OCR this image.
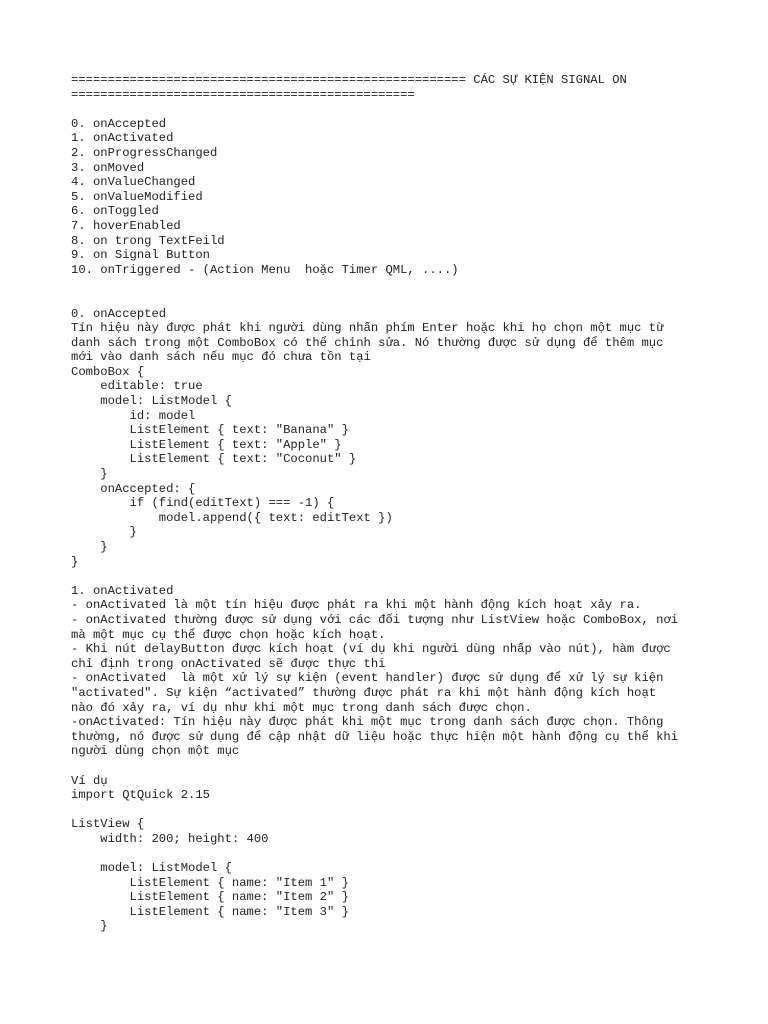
====================================================== CÁC SỰ KIỆN SIGNAL ON
===============================================
0. onAccepted
1. onActivated
2. onProgressChanged
3. onMoved
4. onValueChanged
5. onValueModified
6. onToggled
7. hoverEnabled
8. on trong TextFeild
9. on Signal Button
10. onTriggered - (Action Menu  hoặc Timer QML, ....)
0. onAccepted
Tín hiệu này được phát khi người dùng nhấn phím Enter hoặc khi họ chọn một mục từ
danh sách trong một ComboBox có thể chỉnh sửa. Nó thường được sử dụng để thêm mục
mới vào danh sách nếu mục đó chưa tồn tại
ComboBox {
editable: true
model: ListModel {
id: model
ListElement { text: "Banana" }
ListElement { text: "Apple" }
ListElement { text: "Coconut" }
}
onAccepted: {
if (find(editText) === -1) {
model.append({ text: editText })
}
}
}
1. onActivated
- onActivated là một tín hiệu được phát ra khi một hành động kích hoạt xảy ra.
- onActivated thường được sử dụng với các đối tượng như ListView hoặc ComboBox, nơi
mà một mục cụ thể được chọn hoặc kích hoạt.
- Khi nút delayButton được kích hoạt (ví dụ khi người dùng nhấp vào nút), hàm được
chỉ định trong onActivated sẽ được thực thi
- onActivated  là một xử lý sự kiện (event handler) được sử dụng để xử lý sự kiện
"activated". Sự kiện “activated” thường được phát ra khi một hành động kích hoạt
nào đó xảy ra, ví dụ như khi một mục trong danh sách được chọn.
-onActivated: Tín hiệu này được phát khi một mục trong danh sách được chọn. Thông
thường, nó được sử dụng để cập nhật dữ liệu hoặc thực hiện một hành động cụ thể khi
người dùng chọn một mục
Ví dụ
import QtQuick 2.15
ListView {
width: 200; height: 400
model: ListModel {
ListElement { name: "Item 1" }
ListElement { name: "Item 2" }
ListElement { name: "Item 3" }
}
